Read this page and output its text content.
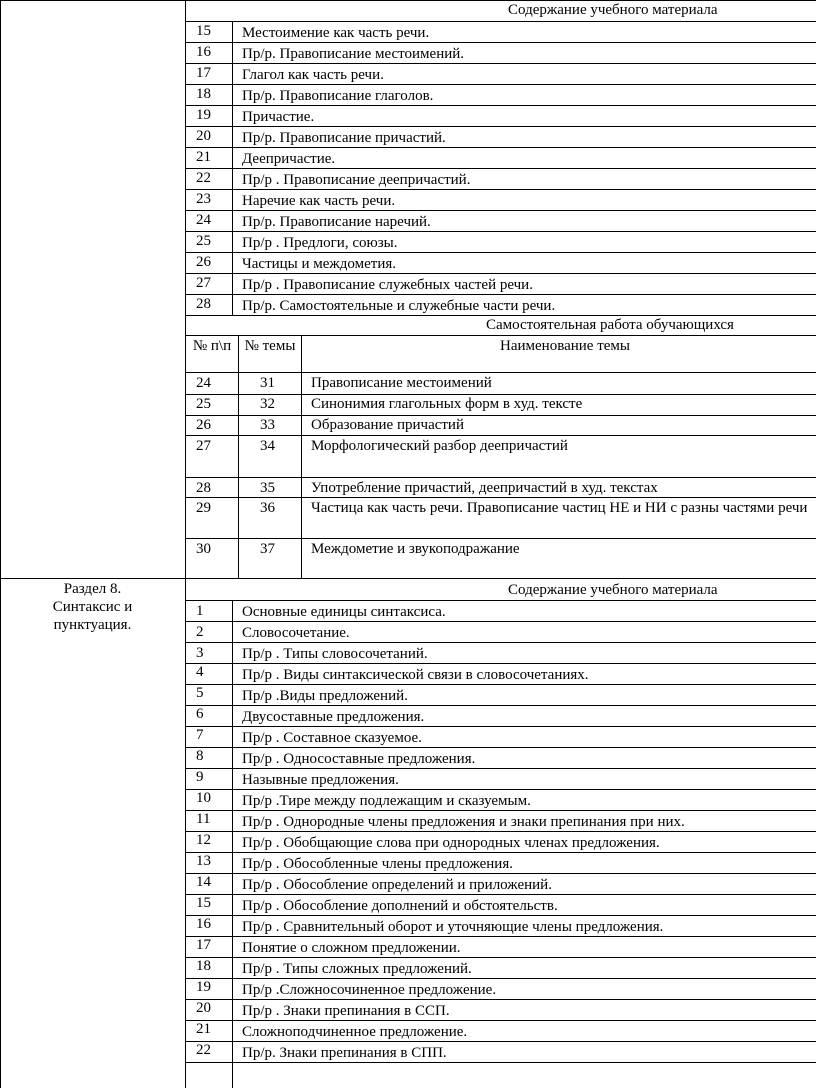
Содержание учебного материала
15 Местоимение как часть речи.
16 Пр/р. Правописание местоимений.
17 Глагол как часть речи.
18 Пр/р. Правописание глаголов.
19 Причастие.
20 Пр/р. Правописание причастий.
21 Деепричастие.
22 Пр/р . Правописание деепричастий.
23 Наречие как часть речи.
24 Пр/р. Правописание наречий.
25 Пр/р . Предлоги, союзы.
26 Частицы и междометия.
27 Пр/р . Правописание служебных частей речи.
28 Пр/р. Самостоятельные и служебные части речи.
Самостоятельная работа обучающихся
№ п\п № темы	Наименование темы
24	31 Правописание местоимений
25	32 Синонимия глагольных форм в худ. тексте
26	33 Образование причастий
27	34 Морфологический разбор деепричастий
28	35 Употребление причастий, деепричастий в худ. текстах
29	36 Частица как часть речи. Правописание частиц НЕ и НИ с разны частями речи
30	37 Междометие и звукоподражание
Раздел 8. Синтаксис и пунктуация.
Содержание учебного материала
1	Основные единицы синтаксиса.
2	Словосочетание.
3	Пр/р . Типы словосочетаний.
4	Пр/р . Виды синтаксической связи в словосочетаниях.
5	Пр/р .Виды предложений.
6	Двусоставные предложения.
7	Пр/р . Составное сказуемое.
8	Пр/р . Односоставные предложения.
9	Назывные предложения.
10 Пр/р .Тире между подлежащим и сказуемым.
11 Пр/р . Однородные члены предложения и знаки препинания при них.
12 Пр/р . Обобщающие слова при однородных членах предложения.
13 Пр/р . Обособленные члены предложения.
14 Пр/р . Обособление определений и приложений.
15 Пр/р . Обособление дополнений и обстоятельств.
16 Пр/р . Сравнительный оборот и уточняющие члены предложения.
17 Понятие о сложном предложении.
18 Пр/р . Типы сложных предложений.
19 Пр/р .Сложносочиненное предложение.
20 Пр/р . Знаки препинания в ССП.
21 Сложноподчиненное предложение.
22 Пр/р. Знаки препинания в СПП.
